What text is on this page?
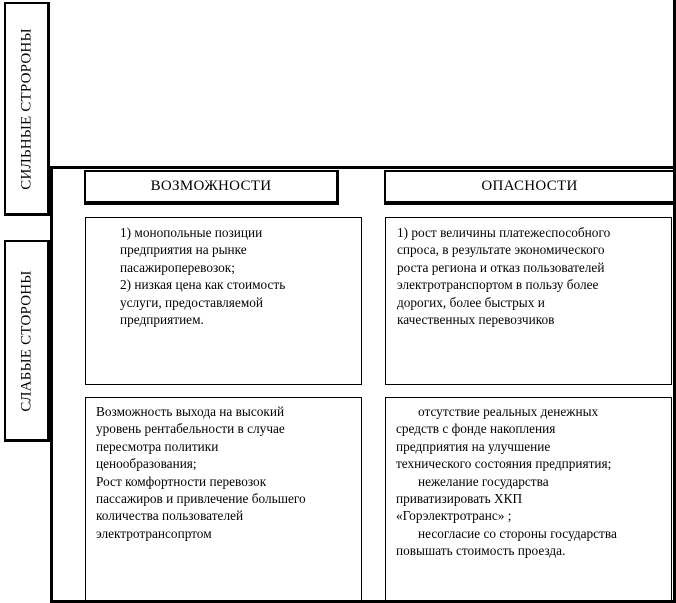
СИЛЬНЫЕ СТРОРОНЫ
СЛАБЫЕ СТОРОНЫ
ВОЗМОЖНОСТИ	ОПАСНОСТИ

1) монопольные позиции

предприятия на рынке

пасажироперевозок;

2) низкая цена как стоимость

услуги, предоставляемой

предприятием.

1) рост величины платежеспособного

спроса, в результате экономического

роста региона и отказ пользователей

электротранспортом в пользу более

дорогих, более быстрых и

качественных перевозчиков

Возможность выхода на высокий

уровень рентабельности в случае

пересмотра политики

ценообразования;

Рост комфортности перевозок

пассажиров и привлечение большего

количества пользователей

электротрансопртом

отсутствие реальных денежных

средств с фонде накопления

предприятия на улучшение

технического состояния предприятия;

нежелание государства

приватизировать ХКП

«Горэлектротранс» ;

несогласие со стороны государства

повышать стоимость проезда.
